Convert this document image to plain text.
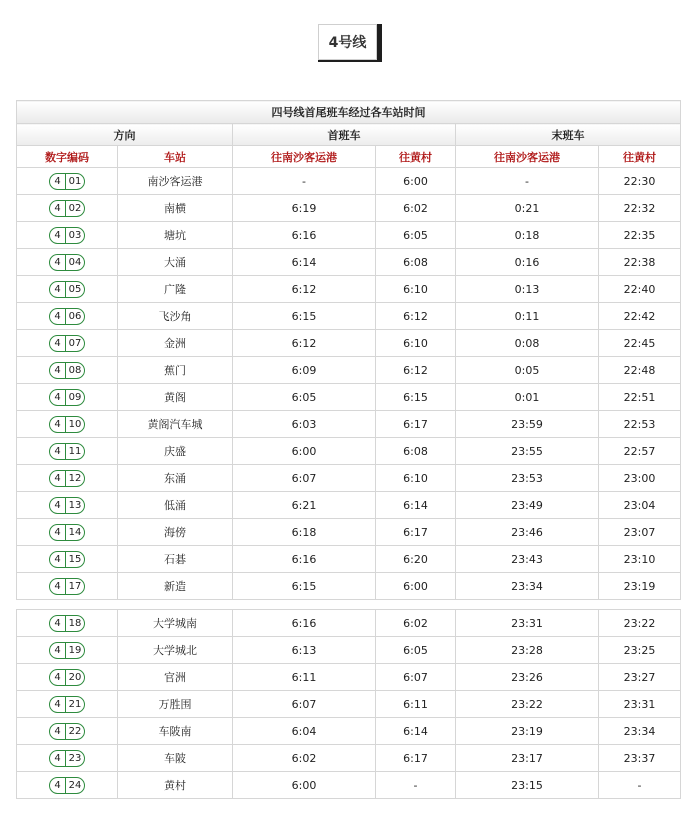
4号线
四号线首尾班车经过各车站时间					
方向		首班车		末班车	
数字编码	车站	往南沙客运港	往黄村	往南沙客运港	往黄村

4 01	南沙客运港	-	6:00	-	22:30

4 02	南横	6:19	6:02	0:21	22:32

4 03	塘坑	6:16	6:05	0:18	22:35

4 04	大涌	6:14	6:08	0:16	22:38

4 05	广隆	6:12	6:10	0:13	22:40

4 06	飞沙角	6:15	6:12	0:11	22:42

4 07	金洲	6:12	6:10	0:08	22:45

4 08	蕉门	6:09	6:12	0:05	22:48

4 09	黄阁	6:05	6:15	0:01	22:51

4 10	黄阁汽车城	6:03	6:17	23:59	22:53

4 11	庆盛	6:00	6:08	23:55	22:57

4 12	东涌	6:07	6:10	23:53	23:00

4 13	低涌	6:21	6:14	23:49	23:04

4 14	海傍	6:18	6:17	23:46	23:07

4 15	石碁	6:16	6:20	23:43	23:10

4 17	新造	6:15	6:00	23:34	23:19
4 18	大学城南	6:16	6:02	23:31	23:22

4 19	大学城北	6:13	6:05	23:28	23:25

4 20	官洲	6:11	6:07	23:26	23:27

4 21	万胜围	6:07	6:11	23:22	23:31

4 22	车陂南	6:04	6:14	23:19	23:34

4 23	车陂	6:02	6:17	23:17	23:37

4 24	黄村	6:00	-	23:15	-
